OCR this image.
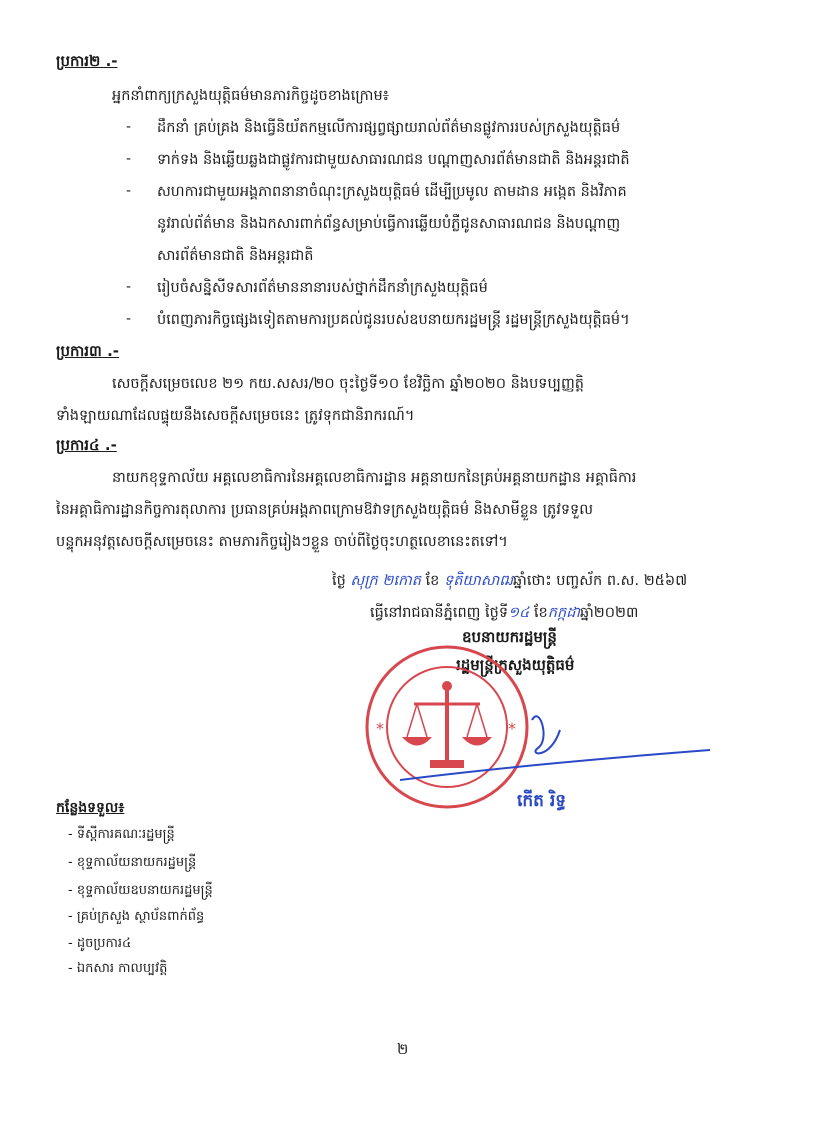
ប្រការ២ .-
អ្នកនាំពាក្យក្រសួងយុត្តិធម៌មានភារកិច្ចដូចខាងក្រោម៖
- ដឹកនាំ គ្រប់គ្រង និងធ្វើនិយ័តកម្មលើការផ្សព្វផ្សាយរាល់ព័ត៌មានផ្លូវការរបស់ក្រសួងយុត្តិធម៌
- ទាក់ទង និងឆ្លើយឆ្លងជាផ្លូវការជាមួយសាធារណជន បណ្តាញសារព័ត៌មានជាតិ និងអន្តរជាតិ
- សហការជាមួយអង្គភាពនានាចំណុះក្រសួងយុត្តិធម៌ ដើម្បីប្រមូល តាមដាន អង្កេត និងវិភាគ
នូវរាល់ព័ត៌មាន និងឯកសារពាក់ព័ន្ធសម្រាប់ធ្វើការឆ្លើយបំភ្លឺជូនសាធារណជន និងបណ្តាញ
សារព័ត៌មានជាតិ និងអន្តរជាតិ
- រៀបចំសន្និសីទសារព័ត៌មាននានារបស់ថ្នាក់ដឹកនាំក្រសួងយុត្តិធម៌
- បំពេញភារកិច្ចផ្សេងទៀតតាមការប្រគល់ជូនរបស់ឧបនាយករដ្ឋមន្ត្រី រដ្ឋមន្ត្រីក្រសួងយុត្តិធម៌។
ប្រការ៣ .-
សេចក្តីសម្រេចលេខ ២១ កយ.សសរ/២០ ចុះថ្ងៃទី១០ ខែវិច្ឆិកា ឆ្នាំ២០២០ និងបទប្បញ្ញត្តិ
ទាំងឡាយណាដែលផ្ទុយនឹងសេចក្តីសម្រេចនេះ ត្រូវទុកជានិរាករណ៍។
ប្រការ៤ .-
នាយកខុទ្ទកាល័យ អគ្គលេខាធិការនៃអគ្គលេខាធិការដ្ឋាន អគ្គនាយកនៃគ្រប់អគ្គនាយកដ្ឋាន អគ្គាធិការ
នៃអគ្គាធិការដ្ឋានកិច្ចការតុលាការ ប្រធានគ្រប់អង្គភាពក្រោមឱវាទក្រសួងយុត្តិធម៌ និងសាមីខ្លួន ត្រូវទទួល
បន្ទុកអនុវត្តសេចក្តីសម្រេចនេះ តាមភារកិច្ចរៀងៗខ្លួន ចាប់ពីថ្ងៃចុះហត្ថលេខានេះតទៅ។
ថ្ងៃ សុក្រ ២កោត ខែ ទុតិយាសាឍឆ្នាំថោះ បញ្ចស័ក ព.ស. ២៥៦៧
ធ្វើនៅរាជធានីភ្នំពេញ ថ្ងៃទី១៤ ខែកក្កដាឆ្នាំ២០២៣
ឧបនាយករដ្ឋមន្ត្រី
រដ្ឋមន្ត្រីក្រសួងយុត្តិធម៌
*	*
កើត រិទ្ធ
កន្លែងទទួល៖
- ទីស្តីការគណៈរដ្ឋមន្ត្រី
- ខុទ្ទកាល័យនាយករដ្ឋមន្ត្រី
- ខុទ្ទកាល័យឧបនាយករដ្ឋមន្ត្រី
- គ្រប់ក្រសួង ស្ថាប័នពាក់ព័ន្ធ
- ដូចប្រការ៤
- ឯកសារ កាលប្បវត្តិ
២
